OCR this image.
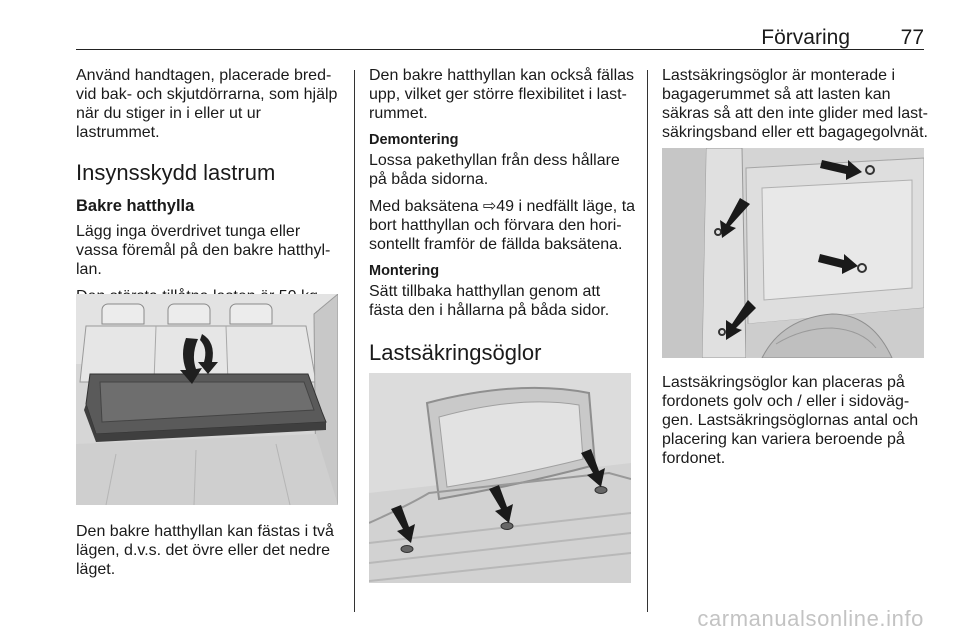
Förvaring 77

Använd handtagen, placerade bredvid bak- och skjutdörrarna, som hjälp när du stiger in i eller ut ur lastrummet.

Insynsskydd lastrum
Bakre hatthylla

Lägg inga överdrivet tunga eller vassa föremål på den bakre hatthyllan.

Den bakre hatthyllan kan fästas i två lägen, d.v.s. det övre eller det nedre läget.

Den bakre hatthyllan kan också fällas upp, vilket ger större flexibilitet i lastrummet.

Demontering

Lossa pakethyllan från dess hållare på båda sidorna.

Med baksätena ⇨49 i nedfällt läge, ta bort hatthyllan och förvara den horisontellt framför de fällda baksätena.

Montering

Sätt tillbaka hatthyllan genom att fästa den i hållarna på båda sidor.

Lastsäkringsöglor

Lastsäkringsöglor är monterade i bagagerummet så att lasten kan säkras så att den inte glider med lastsäkringsband eller ett bagagegolvnät.

Lastsäkringsöglor kan placeras på fordonets golv och / eller i sidoväggen. Lastsäkringsöglornas antal och placering kan variera beroende på fordonet.

carmanualsonline.info
